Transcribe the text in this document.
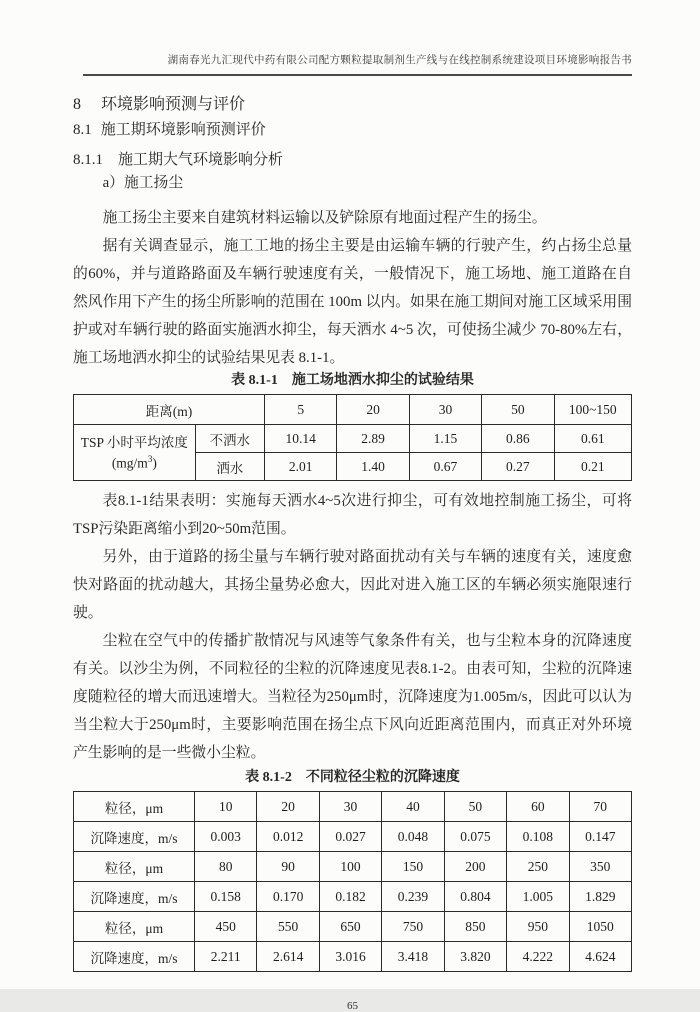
湖南春光九汇现代中药有限公司配方颗粒提取制剂生产线与在线控制系统建设项目环境影响报告书
8 环境影响预测与评价
8.1 施工期环境影响预测评价
8.1.1 施工期大气环境影响分析
a）施工扬尘

施工扬尘主要来自建筑材料运输以及铲除原有地面过程产生的扬尘。

据有关调查显示，施工工地的扬尘主要是由运输车辆的行驶产生，约占扬尘总量的60%，并与道路路面及车辆行驶速度有关，一般情况下，施工场地、施工道路在自然风作用下产生的扬尘所影响的范围在 100m 以内。如果在施工期间对施工区域采用围护或对车辆行驶的路面实施洒水抑尘，每天洒水 4~5 次，可使扬尘减少 70-80%左右，施工场地洒水抑尘的试验结果见表 8.1-1。

表 8.1-1 施工场地洒水抑尘的试验结果
距离(m)		5	20	30	50	100~150
TSP 小时平均浓度
$(mg/m^3)$	不洒水	10.14	2.89	1.15	0.86	0.61
	洒水	2.01	1.40	0.67	0.27	0.21

表8.1-1结果表明：实施每天洒水4~5次进行抑尘，可有效地控制施工扬尘，可将TSP污染距离缩小到20~50m范围。

另外，由于道路的扬尘量与车辆行驶对路面扰动有关与车辆的速度有关，速度愈快对路面的扰动越大，其扬尘量势必愈大，因此对进入施工区的车辆必须实施限速行驶。

尘粒在空气中的传播扩散情况与风速等气象条件有关，也与尘粒本身的沉降速度有关。以沙尘为例，不同粒径的尘粒的沉降速度见表8.1-2。由表可知，尘粒的沉降速度随粒径的增大而迅速增大。当粒径为250μm时，沉降速度为1.005m/s，因此可以认为当尘粒大于250μm时，主要影响范围在扬尘点下风向近距离范围内，而真正对外环境产生影响的是一些微小尘粒。

表 8.1-2 不同粒径尘粒的沉降速度
粒径，μm	10	20	30	40	50	60	70
沉降速度，m/s	0.003	0.012	0.027	0.048	0.075	0.108	0.147
粒径，μm	80	90	100	150	200	250	350
沉降速度，m/s	0.158	0.170	0.182	0.239	0.804	1.005	1.829
粒径，μm	450	550	650	750	850	950	1050
沉降速度，m/s	2.211	2.614	3.016	3.418	3.820	4.222	4.624
65
